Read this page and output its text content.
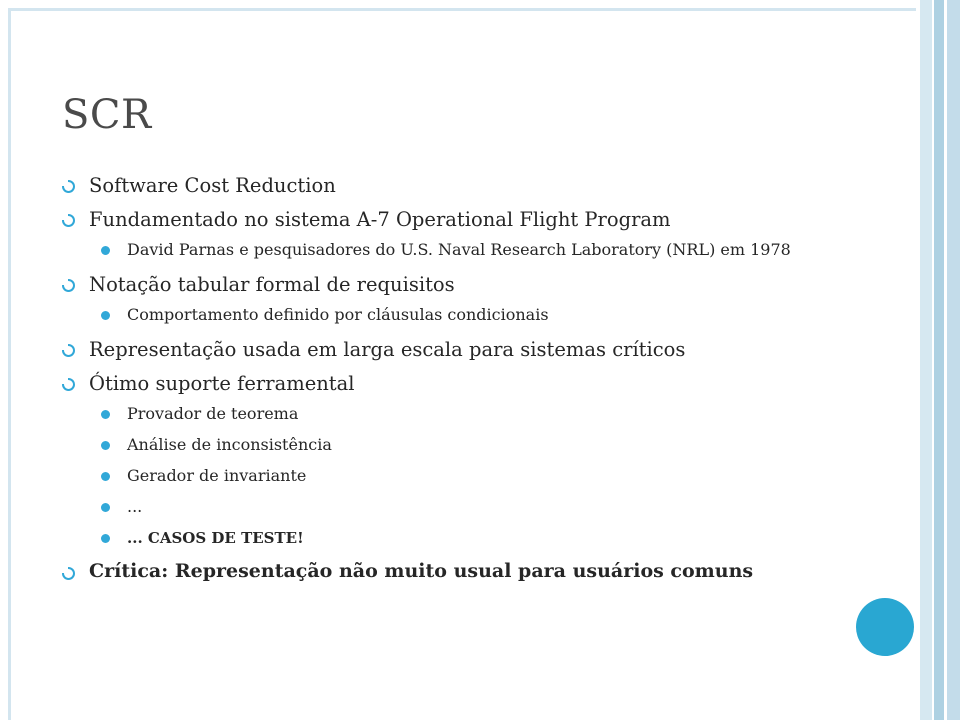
SCR
Software Cost Reduction
Fundamentado no sistema A-7 Operational Flight Program
David Parnas e pesquisadores do U.S. Naval Research Laboratory (NRL) em 1978
Notação tabular formal de requisitos
Comportamento definido por cláusulas condicionais
Representação usada em larga escala para sistemas críticos
Ótimo suporte ferramental
Provador de teorema
Análise de inconsistência
Gerador de invariante
...
... CASOS DE TESTE!
Crítica: Representação não muito usual para usuários comuns
